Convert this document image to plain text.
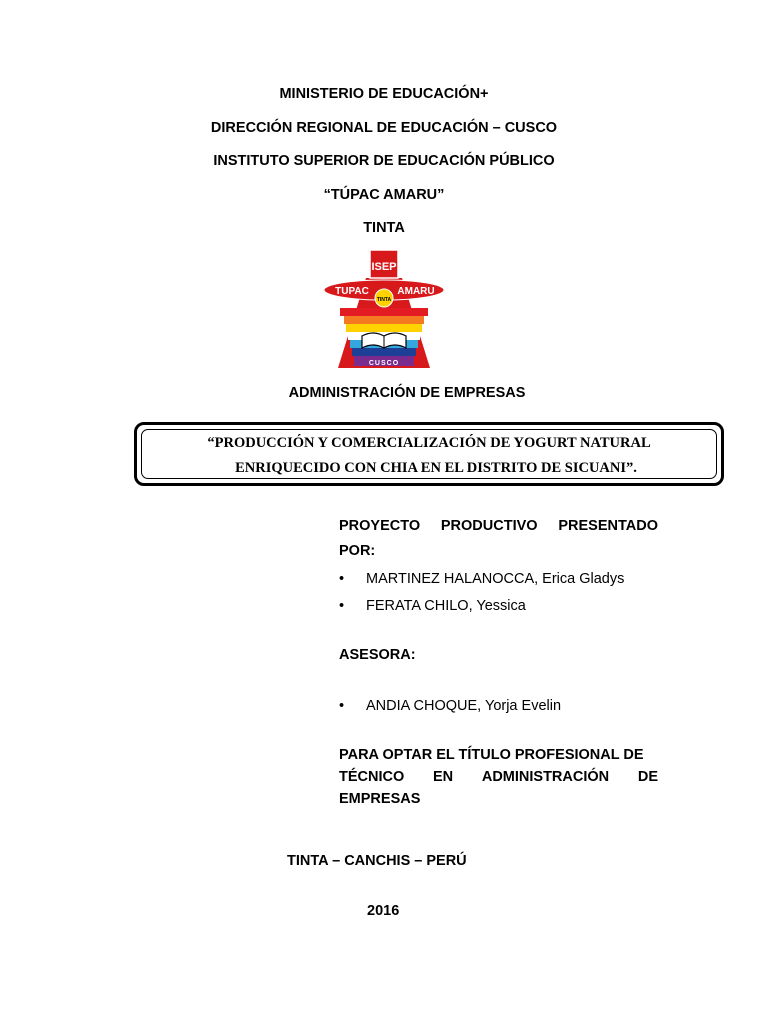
MINISTERIO DE EDUCACIÓN+
DIRECCIÓN REGIONAL DE EDUCACIÓN – CUSCO
INSTITUTO SUPERIOR DE EDUCACIÓN PÚBLICO
“TÚPAC AMARU”
TINTA
ISEP
TUPAC	AMARU
TINTA
CUSCO
ADMINISTRACIÓN DE EMPRESAS
“PRODUCCIÓN Y COMERCIALIZACIÓN DE YOGURT NATURAL
ENRIQUECIDO CON CHIA EN EL DISTRITO DE SICUANI”.
PROYECTO PRODUCTIVO PRESENTADO
POR:
• MARTINEZ HALANOCCA, Erica Gladys
• FERATA CHILO, Yessica
ASESORA:
• ANDIA CHOQUE, Yorja Evelin
PARA OPTAR EL TÍTULO PROFESIONAL DE
TÉCNICO EN ADMINISTRACIÓN DE
EMPRESAS
TINTA – CANCHIS – PERÚ
2016
